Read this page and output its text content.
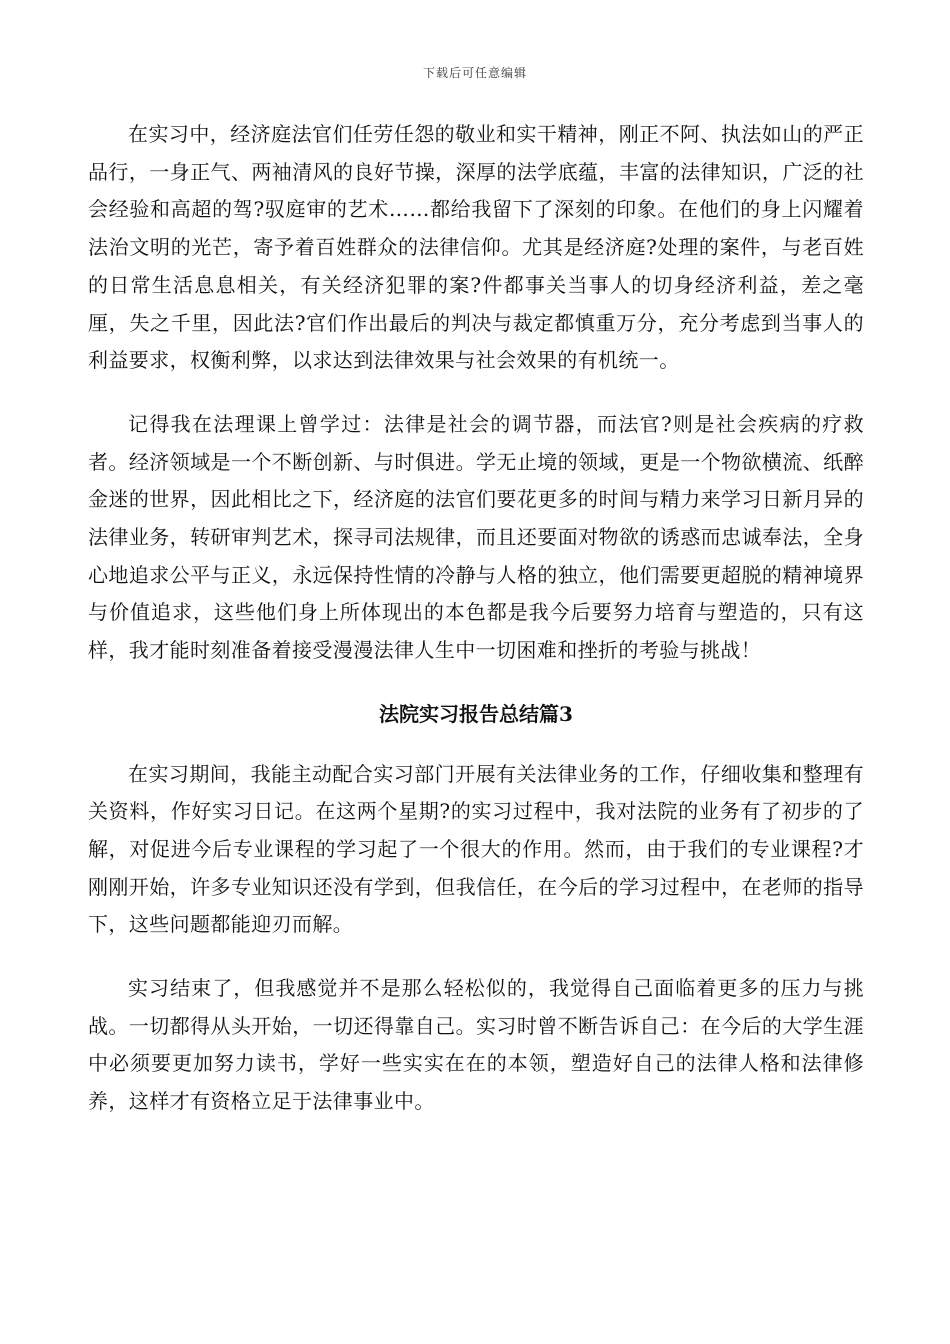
下载后可任意编辑

在实习中，经济庭法官们任劳任怨的敬业和实干精神，刚正不阿、执法如山的严正品行，一身正气、两袖清风的良好节操，深厚的法学底蕴，丰富的法律知识，广泛的社会经验和高超的驾?驭庭审的艺术……都给我留下了深刻的印象。在他们的身上闪耀着法治文明的光芒，寄予着百姓群众的法律信仰。尤其是经济庭?处理的案件，与老百姓的日常生活息息相关，有关经济犯罪的案?件都事关当事人的切身经济利益，差之毫厘，失之千里，因此法?官们作出最后的判决与裁定都慎重万分，充分考虑到当事人的利益要求，权衡利弊，以求达到法律效果与社会效果的有机统一。

记得我在法理课上曾学过：法律是社会的调节器，而法官?则是社会疾病的疗救者。经济领域是一个不断创新、与时俱进。学无止境的领域，更是一个物欲横流、纸醉金迷的世界，因此相比之下，经济庭的法官们要花更多的时间与精力来学习日新月异的法律业务，转研审判艺术，探寻司法规律，而且还要面对物欲的诱惑而忠诚奉法，全身心地追求公平与正义，永远保持性情的冷静与人格的独立，他们需要更超脱的精神境界与价值追求，这些他们身上所体现出的本色都是我今后要努力培育与塑造的，只有这样，我才能时刻准备着接受漫漫法律人生中一切困难和挫折的考验与挑战！

法院实习报告总结篇3

在实习期间，我能主动配合实习部门开展有关法律业务的工作，仔细收集和整理有关资料，作好实习日记。在这两个星期?的实习过程中，我对法院的业务有了初步的了解，对促进今后专业课程的学习起了一个很大的作用。然而，由于我们的专业课程?才刚刚开始，许多专业知识还没有学到，但我信任，在今后的学习过程中，在老师的指导下，这些问题都能迎刃而解。

实习结束了，但我感觉并不是那么轻松似的，我觉得自己面临着更多的压力与挑战。一切都得从头开始，一切还得靠自己。实习时曾不断告诉自己：在今后的大学生涯中必须要更加努力读书，学好一些实实在在的本领，塑造好自己的法律人格和法律修养，这样才有资格立足于法律事业中。
